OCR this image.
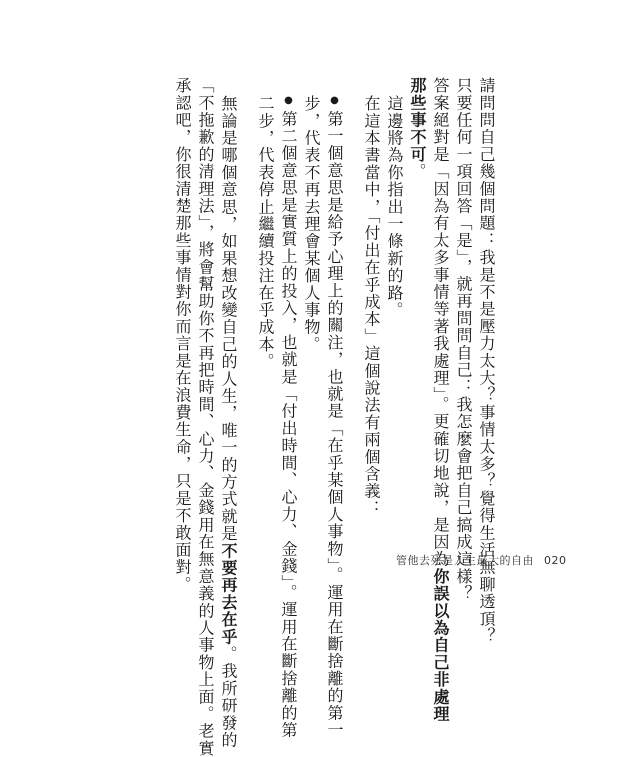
請問問自己幾個問題：我是不是壓力太大？事情太多？覺得生活無聊透頂？
只要任何一項回答「是」，就再問問自己：我怎麼會把自己搞成這樣？
答案絕對是「因為有太多事情等著我處理」。更確切地說，是因為你誤以為自己非處理
那些事不可。
這邊將為你指出一條新的路。
在這本書當中，「付出在乎成本」這個說法有兩個含義：
●第一個意思是給予心理上的關注，也就是「在乎某個人事物」。運用在斷捨離的第一
步，代表不再去理會某個人事物。
●第二個意思是實質上的投入，也就是「付出時間、心力、金錢」。運用在斷捨離的第
二步，代表停止繼續投注在乎成本。
無論是哪個意思，如果想改變自己的人生，唯一的方式就是不要再去在乎。我所研發的
「不拖歉的清理法」，將會幫助你不再把時間、心力、金錢用在無意義的人事物上面。老實
承認吧，你很清楚那些事情對你而言是在浪費生命，只是不敢面對。	管他去死是人生最大的自由 020
